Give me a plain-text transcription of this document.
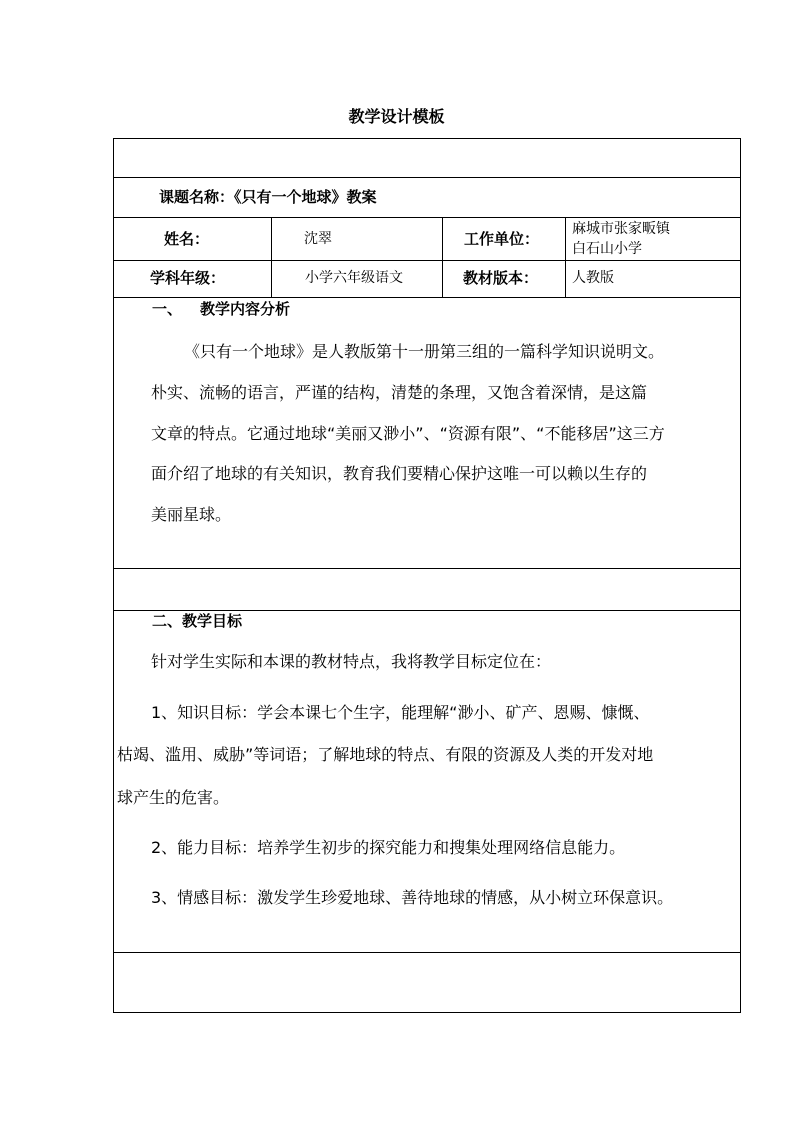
教学设计模板
课题名称：《只有一个地球》教案
姓名：	沈翠	工作单位：
麻城市张家畈镇
白石山小学
学科年级：	小学六年级语文	教材版本： 人教版
一、 教学内容分析
《只有一个地球》是人教版第十一册第三组的一篇科学知识说明文。
朴实、流畅的语言，严谨的结构，清楚的条理，又饱含着深情，是这篇
文章的特点。它通过地球“美丽又渺小”、“资源有限”、“不能移居”这三方
面介绍了地球的有关知识，教育我们要精心保护这唯一可以赖以生存的
美丽星球。
二、教学目标
针对学生实际和本课的教材特点，我将教学目标定位在：
1、知识目标：学会本课七个生字，能理解“渺小、矿产、恩赐、慷慨、
枯竭、滥用、威胁”等词语；了解地球的特点、有限的资源及人类的开发对地
球产生的危害。
2、能力目标：培养学生初步的探究能力和搜集处理网络信息能力。
3、情感目标：激发学生珍爱地球、善待地球的情感，从小树立环保意识。
